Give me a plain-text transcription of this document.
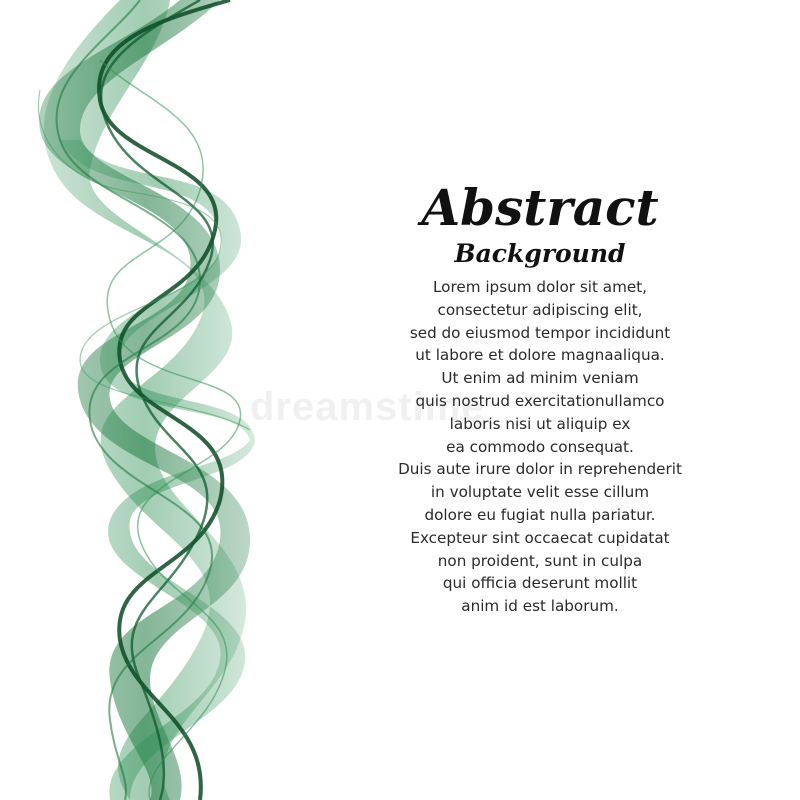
dreamstime
Abstract
Background
Lorem ipsum dolor sit amet,
consectetur adipiscing elit,
sed do eiusmod tempor incididunt
ut labore et dolore magnaaliqua.
Ut enim ad minim veniam
quis nostrud exercitationullamco
laboris nisi ut aliquip ex
ea commodo consequat.
Duis aute irure dolor in reprehenderit
in voluptate velit esse cillum
dolore eu fugiat nulla pariatur.
Excepteur sint occaecat cupidatat
non proident, sunt in culpa
qui officia deserunt mollit
anim id est laborum.
